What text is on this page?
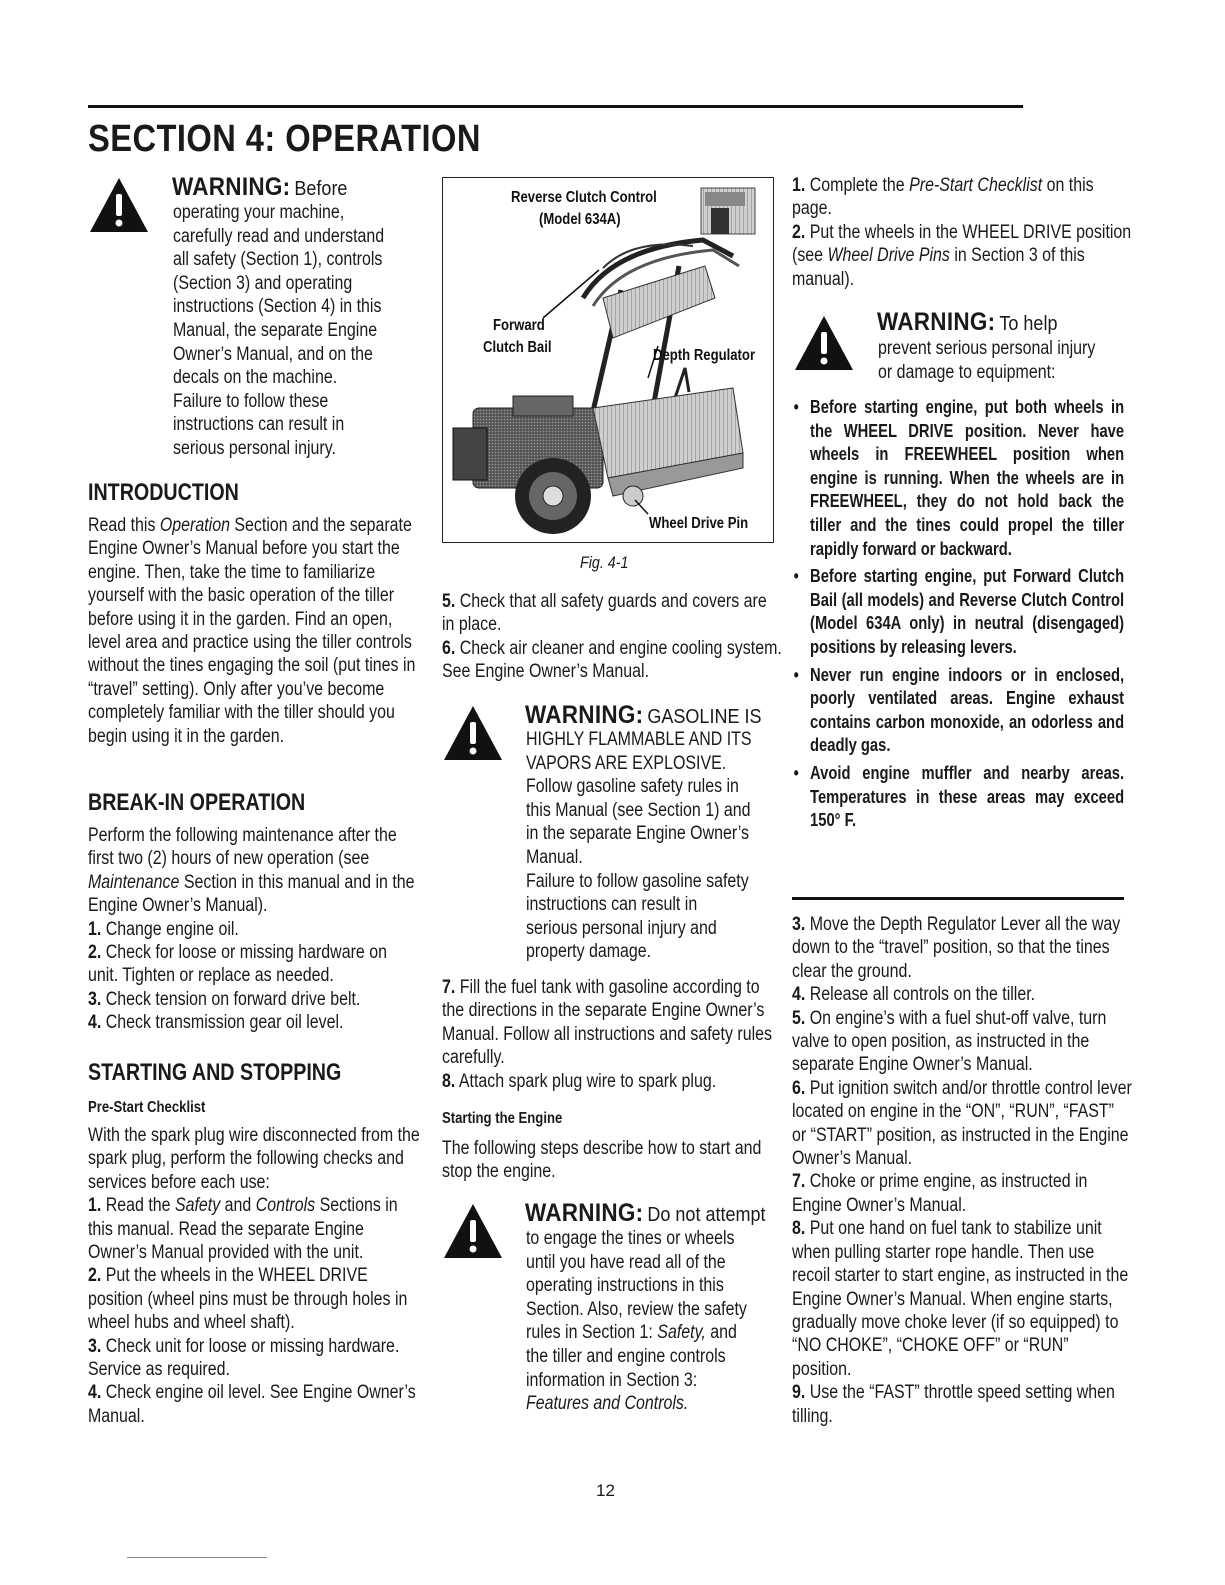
SECTION 4: OPERATION
WARNING: Before
operating your machine,
carefully read and understand
all safety (Section 1), controls
(Section 3) and operating
instructions (Section 4) in this
Manual, the separate Engine
Owner’s Manual, and on the
decals on the machine.
Failure to follow these
instructions can result in
serious personal injury.
INTRODUCTION

Read this Operation Section and the separate Engine Owner’s Manual before you start the engine. Then, take the time to familiarize yourself with the basic operation of the tiller before using it in the garden. Find an open, level area and practice using the tiller controls without the tines engaging the soil (put tines in “travel” setting). Only after you’ve become completely familiar with the tiller should you begin using it in the garden.

BREAK-IN OPERATION

Perform the following maintenance after the first two (2) hours of new operation (see Maintenance Section in this manual and in the Engine Owner’s Manual).

1. Change engine oil.

2. Check for loose or missing hardware on unit. Tighten or replace as needed.

3. Check tension on forward drive belt.

4. Check transmission gear oil level.

STARTING AND STOPPING
Pre-Start Checklist

With the spark plug wire disconnected from the spark plug, perform the following checks and services before each use:

1. Read the Safety and Controls Sections in this manual. Read the separate Engine Owner’s Manual provided with the unit.

2. Put the wheels in the WHEEL DRIVE position (wheel pins must be through holes in wheel hubs and wheel shaft).

3. Check unit for loose or missing hardware. Service as required.

4. Check engine oil level. See Engine Owner’s Manual.

Reverse Clutch Control
(Model 634A)
Forward
Clutch Bail	Depth Regulator
Wheel Drive Pin
Fig. 4-1

5. Check that all safety guards and covers are in place.

6. Check air cleaner and engine cooling system. See Engine Owner’s Manual.

WARNING: GASOLINE IS
HIGHLY FLAMMABLE AND ITS
VAPORS ARE EXPLOSIVE.
Follow gasoline safety rules in
this Manual (see Section 1) and
in the separate Engine Owner’s
Manual.
Failure to follow gasoline safety
instructions can result in
serious personal injury and
property damage.

7. Fill the fuel tank with gasoline according to the directions in the separate Engine Owner’s Manual. Follow all instructions and safety rules carefully.

8. Attach spark plug wire to spark plug.

Starting the Engine

The following steps describe how to start and stop the engine.

WARNING: Do not attempt
to engage the tines or wheels
until you have read all of the
operating instructions in this
Section. Also, review the safety
rules in Section 1: Safety, and
the tiller and engine controls
information in Section 3:
Features and Controls.

1. Complete the Pre-Start Checklist on this page.

2. Put the wheels in the WHEEL DRIVE position (see Wheel Drive Pins in Section 3 of this manual).

WARNING: To help
prevent serious personal injury
or damage to equipment:
• Before starting engine, put both wheels in the WHEEL DRIVE position. Never have wheels in FREEWHEEL position when engine is running. When the wheels are in FREEWHEEL, they do not hold back the tiller and the tines could propel the tiller rapidly forward or backward.
• Before starting engine, put Forward Clutch Bail (all models) and Reverse Clutch Control (Model 634A only) in neutral (disengaged) positions by releasing levers.
• Never run engine indoors or in enclosed, poorly ventilated areas. Engine exhaust contains carbon monoxide, an odorless and deadly gas.
• Avoid engine muffler and nearby areas. Temperatures in these areas may exceed 150° F.

3. Move the Depth Regulator Lever all the way down to the “travel” position, so that the tines clear the ground.

4. Release all controls on the tiller.

5. On engine’s with a fuel shut-off valve, turn valve to open position, as instructed in the separate Engine Owner’s Manual.

6. Put ignition switch and/or throttle control lever located on engine in the “ON”, “RUN”, “FAST” or “START” position, as instructed in the Engine Owner’s Manual.

7. Choke or prime engine, as instructed in Engine Owner’s Manual.

8. Put one hand on fuel tank to stabilize unit when pulling starter rope handle. Then use recoil starter to start engine, as instructed in the Engine Owner’s Manual. When engine starts, gradually move choke lever (if so equipped) to “NO CHOKE”, “CHOKE OFF” or “RUN” position.

9. Use the “FAST” throttle speed setting when tilling.

12
